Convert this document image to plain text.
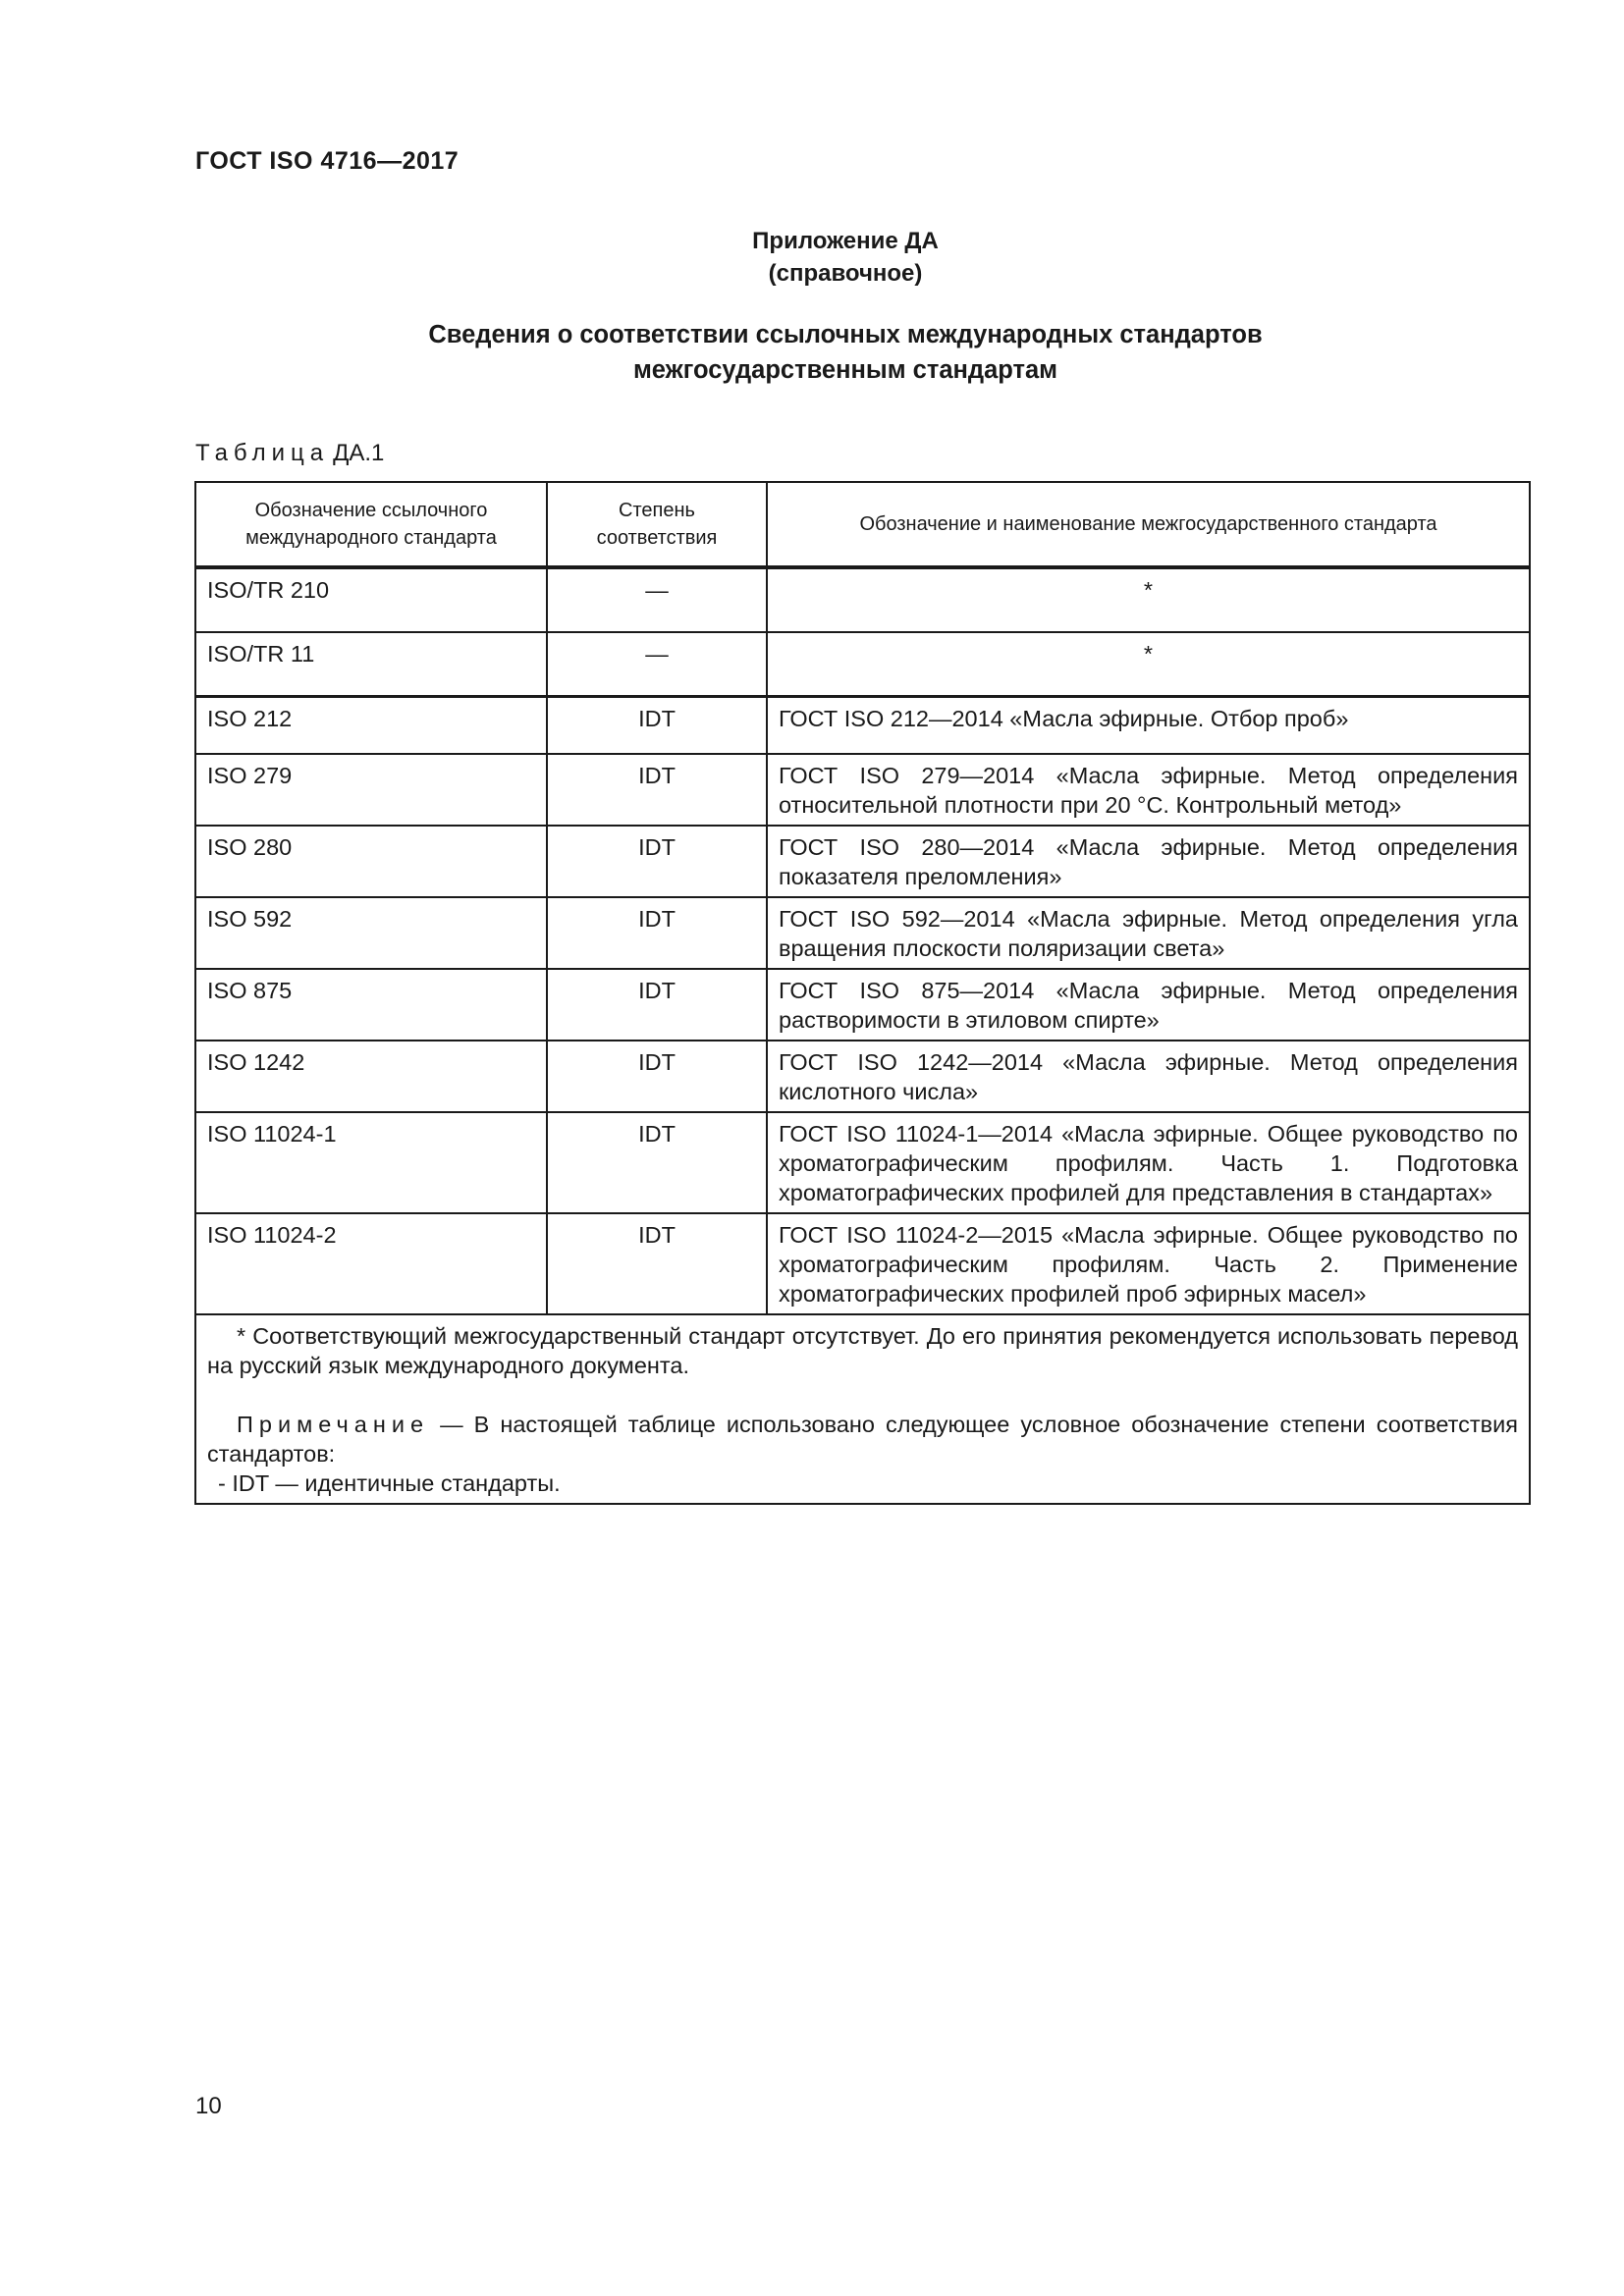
ГОСТ ISO 4716—2017
Приложение ДА
(справочное)
Сведения о соответствии ссылочных международных стандартов
межгосударственным стандартам
Таблица ДА.1
Обозначение ссылочного международного стандарта	Степень соответствия	Обозначение и наименование межгосударственного стандарта
ISO/TR 210	—	*
ISO/TR 11	—	*
ISO 212	IDT	ГОСТ ISO 212—2014 «Масла эфирные. Отбор проб»
ISO 279	IDT	ГОСТ ISO 279—2014 «Масла эфирные. Метод определения относительной плотности при 20 °С. Контрольный метод»
ISO 280	IDT	ГОСТ ISO 280—2014 «Масла эфирные. Метод определения показателя преломления»
ISO 592	IDT	ГОСТ ISO 592—2014 «Масла эфирные. Метод определения угла вращения плоскости поляризации света»
ISO 875	IDT	ГОСТ ISO 875—2014 «Масла эфирные. Метод определения растворимости в этиловом спирте»
ISO 1242	IDT	ГОСТ ISO 1242—2014 «Масла эфирные. Метод определения кислотного числа»
ISO 11024-1	IDT	ГОСТ ISO 11024-1—2014 «Масла эфирные. Общее руководство по хроматографическим профилям. Часть 1. Подготовка хроматографических профилей для представления в стандартах»
ISO 11024-2	IDT	ГОСТ ISO 11024-2—2015 «Масла эфирные. Общее руководство по хроматографическим профилям. Часть 2. Применение хроматографических профилей проб эфирных масел»

* Соответствующий межгосударственный стандарт отсутствует. До его принятия рекомендуется использовать перевод на русский язык международного документа.
Примечание — В настоящей таблице использовано следующее условное обозначение степени соответствия стандартов:
- IDT — идентичные стандарты.		
10
